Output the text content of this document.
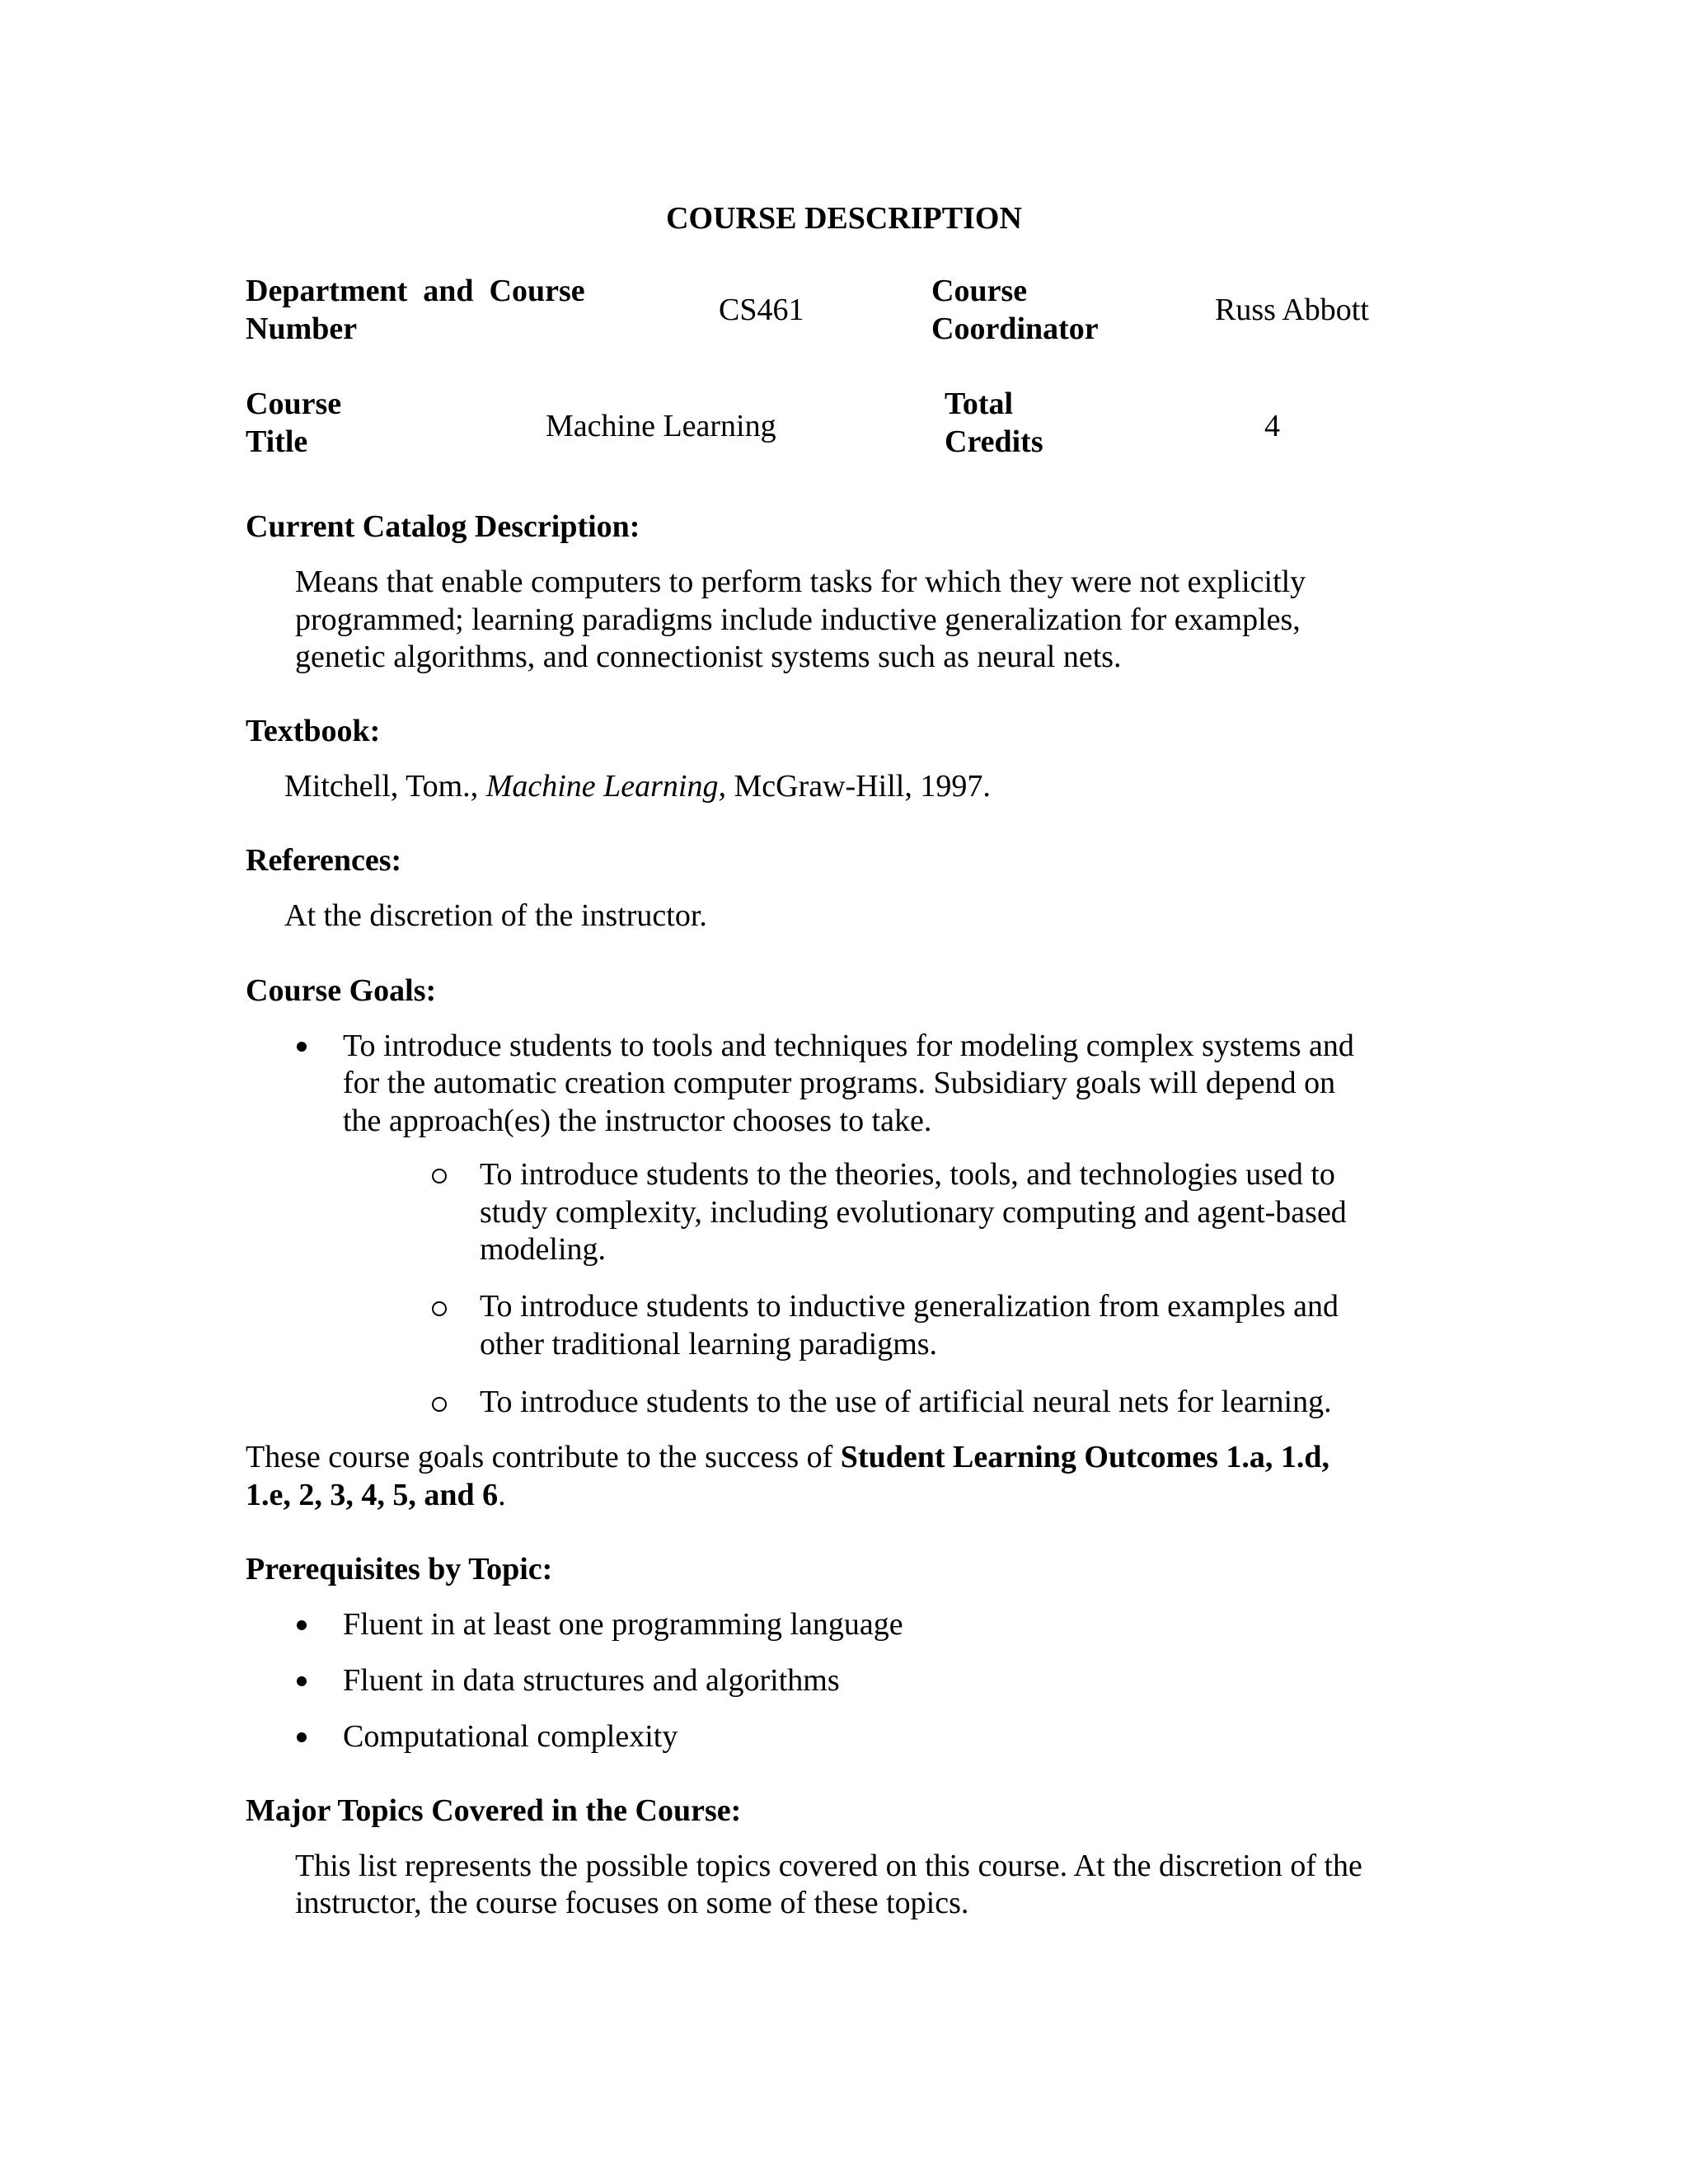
COURSE DESCRIPTION
Department  and  Course
Number
CS461
Course
Coordinator
Russ Abbott
Course
Title	Machine Learning
Total
Credits	4
Current Catalog Description:
Means that enable computers to perform tasks for which they were not explicitly
programmed; learning paradigms include inductive generalization for examples,
genetic algorithms, and connectionist systems such as neural nets.
Textbook:
Mitchell, Tom., Machine Learning, McGraw-Hill, 1997.
References:
At the discretion of the instructor.
Course Goals:
To introduce students to tools and techniques for modeling complex systems and
for the automatic creation computer programs. Subsidiary goals will depend on
the approach(es) the instructor chooses to take.
To introduce students to the theories, tools, and technologies used to
study complexity, including evolutionary computing and agent-based
modeling.
To introduce students to inductive generalization from examples and
other traditional learning paradigms.
To introduce students to the use of artificial neural nets for learning.
These course goals contribute to the success of Student Learning Outcomes 1.a, 1.d,
1.e, 2, 3, 4, 5, and 6.
Prerequisites by Topic:
Fluent in at least one programming language
Fluent in data structures and algorithms
Computational complexity
Major Topics Covered in the Course:
This list represents the possible topics covered on this course. At the discretion of the
instructor, the course focuses on some of these topics.
